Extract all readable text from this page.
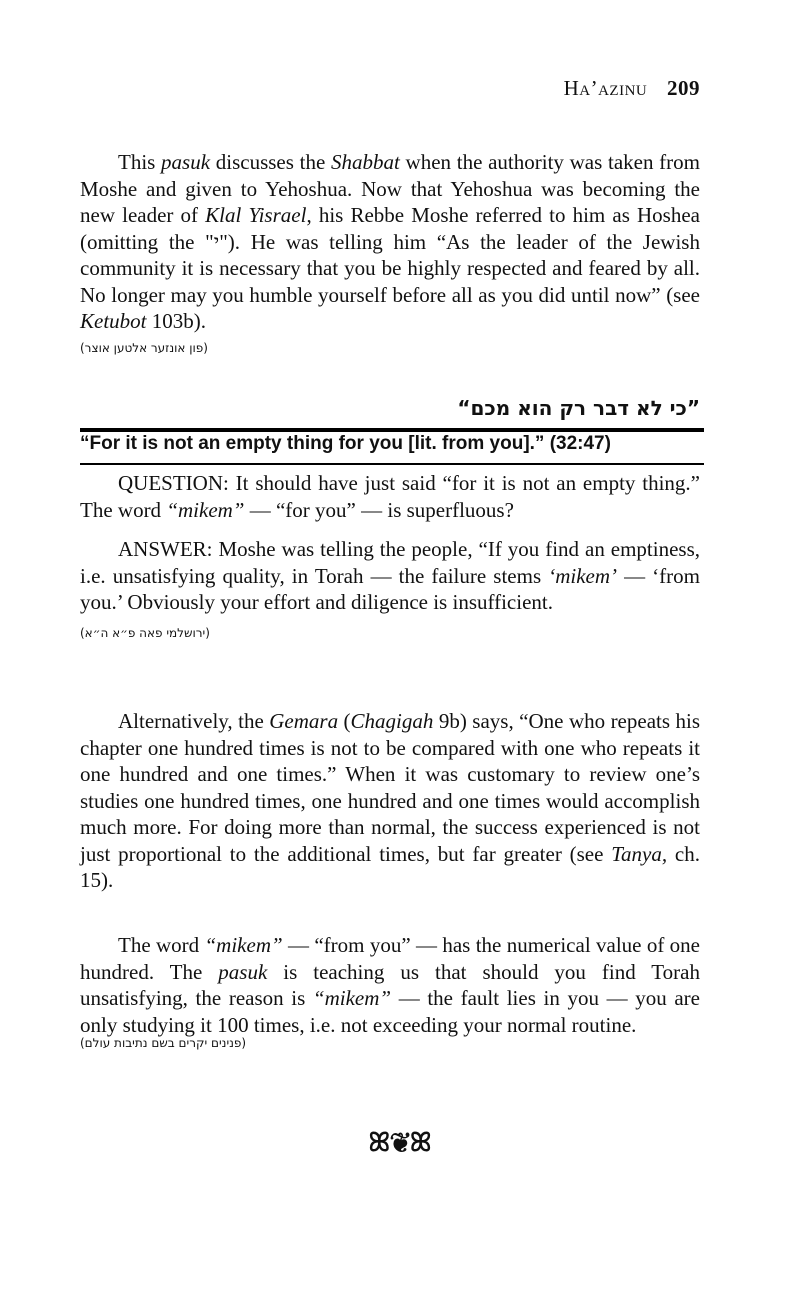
Ha’azinu 209

This pasuk discusses the Shabbat when the authority was taken from Moshe and given to Yehoshua. Now that Yehoshua was becoming the new leader of Klal Yisrael, his Rebbe Moshe referred to him as Hoshea (omitting the "י"). He was telling him “As the leader of the Jewish community it is necessary that you be highly respected and feared by all. No longer may you humble yourself before all as you did until now” (see Ketubot 103b).

(פון אונזער אלטען אוצר)
”כי לא דבר רק הוא מכם“
“For it is not an empty thing for you [lit. from you].” (32:47)

QUESTION: It should have just said “for it is not an empty thing.” The word “mikem” — “for you” — is superfluous?

ANSWER: Moshe was telling the people, “If you find an emptiness, i.e. unsatisfying quality, in Torah — the failure stems ‘mikem’ — ‘from you.’ Obviously your effort and diligence is insufficient.

(ירושלמי פאה פ״א ה״א)

Alternatively, the Gemara (Chagigah 9b) says, “One who repeats his chapter one hundred times is not to be compared with one who repeats it one hundred and one times.” When it was customary to review one’s studies one hundred times, one hundred and one times would accomplish much more. For doing more than normal, the success experienced is not just proportional to the additional times, but far greater (see Tanya, ch. 15).

The word “mikem” — “from you” — has the numerical value of one hundred. The pasuk is teaching us that should you find Torah unsatisfying, the reason is “mikem” — the fault lies in you — you are only studying it 100 times, i.e. not exceeding your normal routine.

(פנינים יקרים בשם נתיבות עולם)
ꕤ❦ꕤ
